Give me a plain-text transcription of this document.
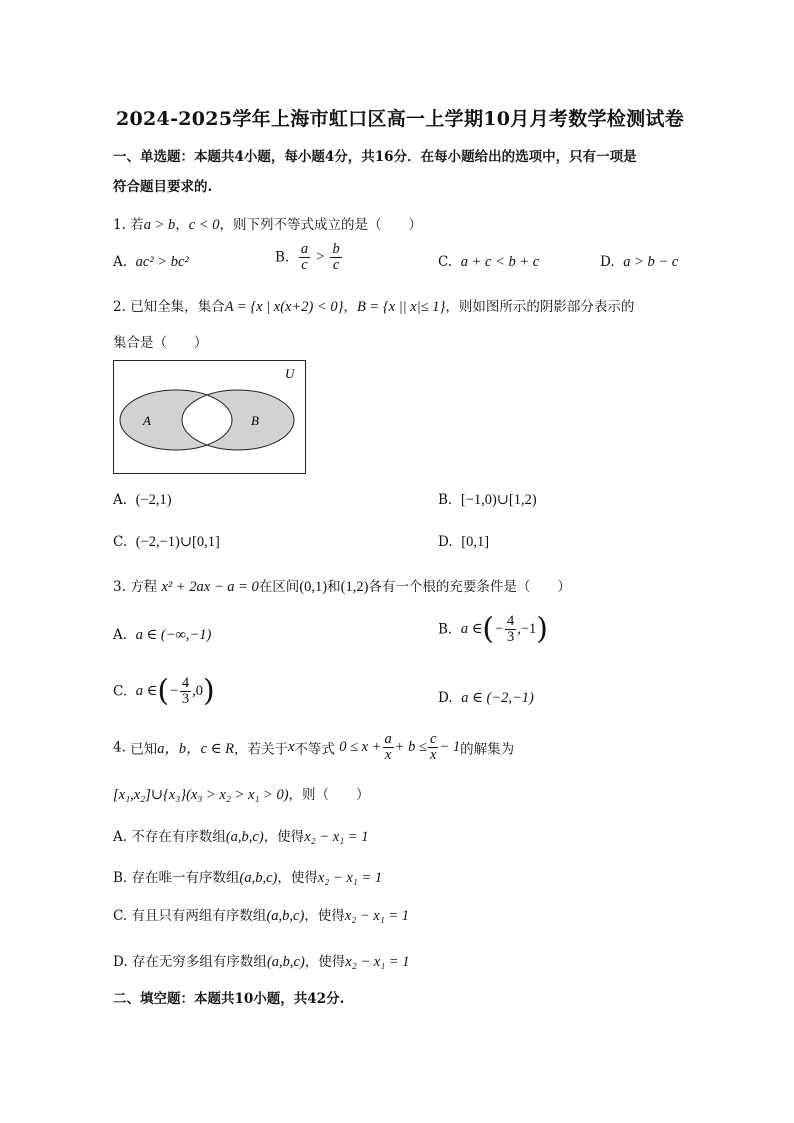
2024-2025学年上海市虹口区高一上学期10月月考数学检测试卷
一、单选题：本题共4小题，每小题4分，共16分．在每小题给出的选项中，只有一项是
符合题目要求的.
1. 若a > b，c < 0，则下列不等式成立的是（　　）
A. ac² > bc²	B. $\frac{a}{c} > \frac{b}{c}$	C. a + c < b + c	D. a > b − c
2. 已知全集，集合A = {x | x(x+2) < 0}，B = {x || x|≤ 1}，则如图所示的阴影部分表示的
集合是（　　）
U
A	B
A. (−2,1)	B. [−1,0)∪[1,2)
C. (−2,−1)∪[0,1]	D. [0,1]
3. 方程 x² + 2ax − a = 0在区间(0,1)和(1,2)各有一个根的充要条件是（　　）
A. a ∈ (−∞,−1)	B. a ∈(− $\frac{4}{3} ,-1$)
C. a ∈(− $\frac{4}{3} ,0$)	D. a ∈ (−2,−1)
4. 已知a，b，c ∈ R，若关于x不等式 $0 \le x + \frac{a}{x} + b \le \frac{c}{x} - 1$的解集为
[x₁,x₂]∪{x₃}(x₃ > x₂ > x₁ > 0)，则（　　）
A. 不存在有序数组(a,b,c)，使得x₂ − x₁ = 1
B. 存在唯一有序数组(a,b,c)，使得x₂ − x₁ = 1
C. 有且只有两组有序数组(a,b,c)，使得x₂ − x₁ = 1
D. 存在无穷多组有序数组(a,b,c)，使得x₂ − x₁ = 1
二、填空题：本题共10小题，共42分.
